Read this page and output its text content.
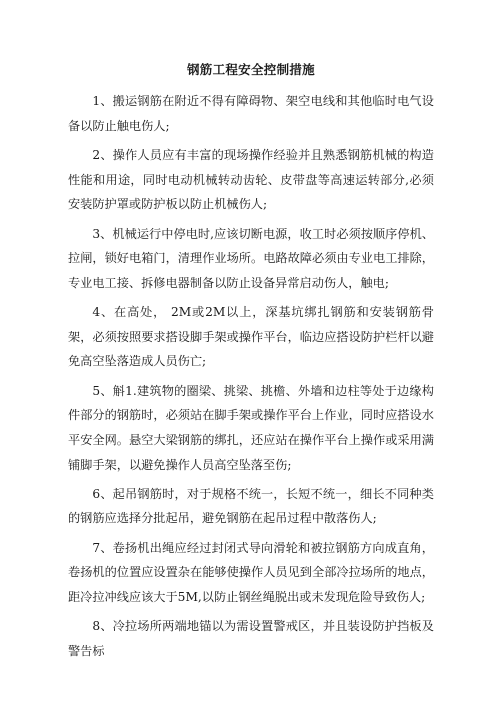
钢筋工程安全控制措施

1、搬运钢筋在附近不得有障碍物、架空电线和其他临时电气设备以防止触电伤人;

2、操作人员应有丰富的现场操作经验并且熟悉钢筋机械的构造性能和用途，同时电动机械转动齿轮、皮带盘等高速运转部分,必须安装防护罩或防护板以防止机械伤人;

3、机械运行中停电时,应该切断电源，收工时必须按顺序停机、拉闸，锁好电箱门，清理作业场所。电路故障必须由专业电工排除，专业电工接、拆修电器制备以防止设备异常启动伤人，触电;

4、在高处， 2M或2M以上，深基坑绑扎钢筋和安装钢筋骨架，必须按照要求搭设脚手架或操作平台，临边应搭设防护栏杆以避免高空坠落造成人员伤亡;

5、斛1.建筑物的圈梁、挑梁、挑檐、外墙和边柱等处于边缘构件部分的钢筋时，必须站在脚手架或操作平台上作业，同时应搭设水平安全网。悬空大梁钢筋的绑扎，还应站在操作平台上操作或采用满铺脚手架，以避免操作人员高空坠落至伤;

6、起吊钢筋时，对于规格不统一，长短不统一，细长不同种类的钢筋应选择分批起吊，避免钢筋在起吊过程中散落伤人;

7、卷扬机出绳应经过封闭式导向滑轮和被拉钢筋方向成直角，卷扬机的位置应设置杂在能够使操作人员见到全部冷拉场所的地点，距冷拉冲线应该大于5M,以防止钢丝绳脱出或未发现危险导致伤人;

8、冷拉场所两端地锚以为需设置警戒区，并且装设防护挡板及警告标
